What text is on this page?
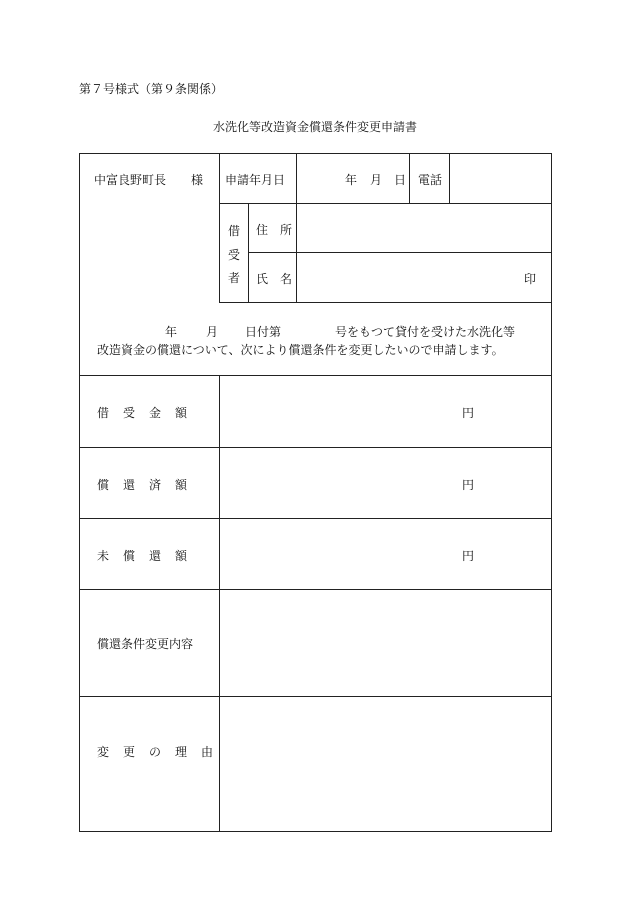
第７号様式（第９条関係）
水洗化等改造資金償還条件変更申請書
中富良野町長 様 申請年月日	年 月 日 電話
借
受
者
住　所
氏　名	印
年 月 日付第	号をもつて貸付を受けた水洗化等
改造資金の償還について、次により償還条件を変更したいので申請します。
借　受　金　額	円
償　還　済　額	円
未　償　還　額	円
償還条件変更内容
変　更　の　理　由
